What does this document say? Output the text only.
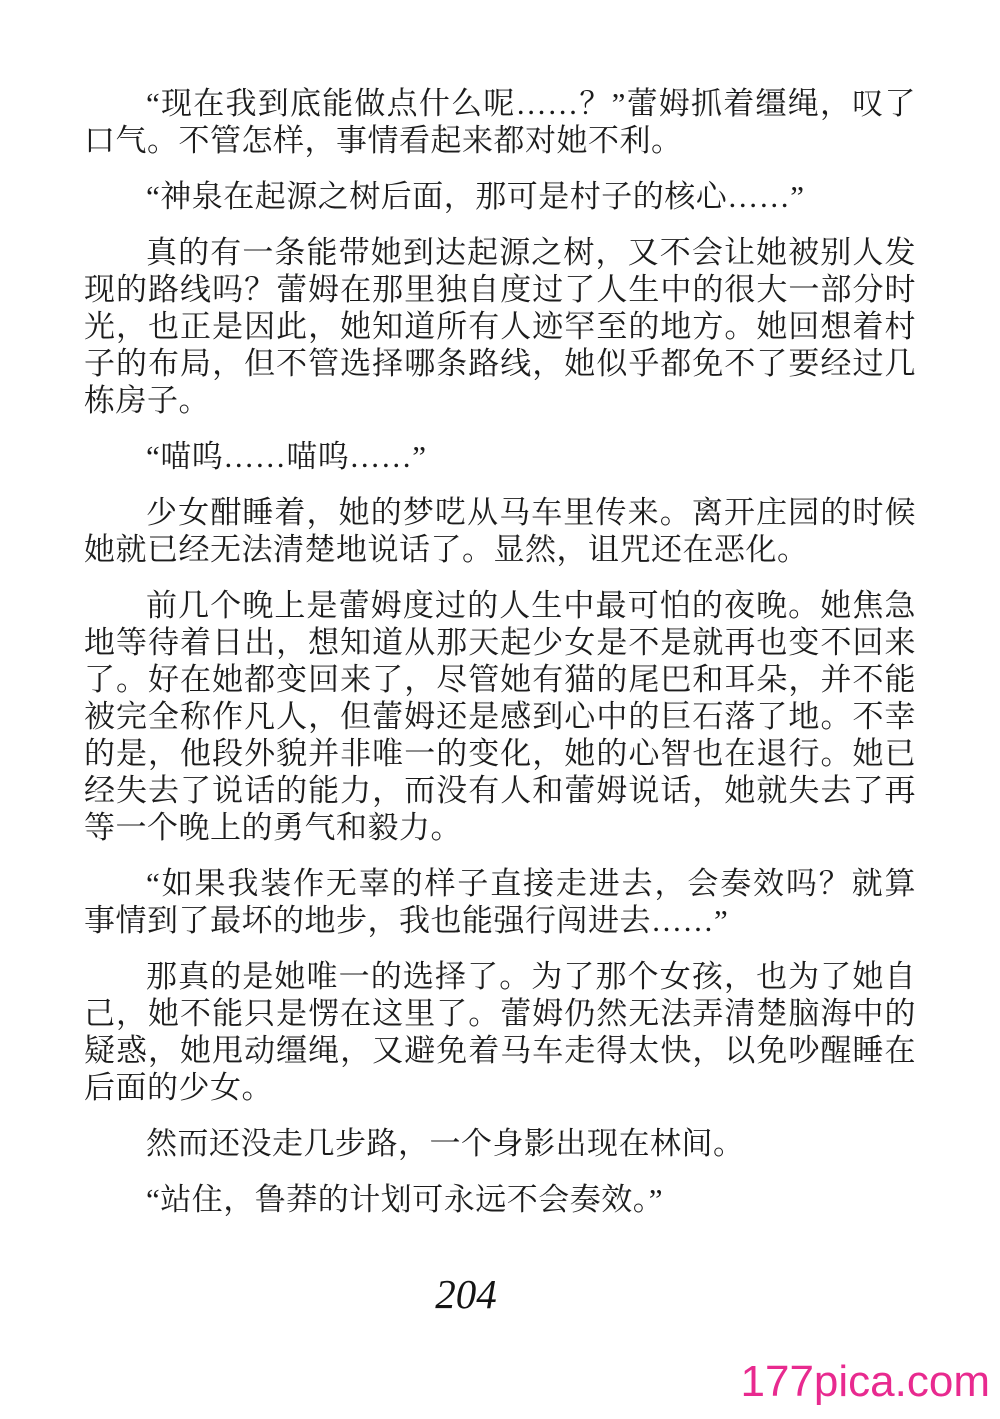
“现在我到底能做点什么呢……？”蕾姆抓着缰绳，叹了口气。不管怎样，事情看起来都对她不利。

“神泉在起源之树后面，那可是村子的核心……”

真的有一条能带她到达起源之树，又不会让她被别人发现的路线吗？蕾姆在那里独自度过了人生中的很大一部分时光，也正是因此，她知道所有人迹罕至的地方。她回想着村子的布局，但不管选择哪条路线，她似乎都免不了要经过几栋房子。

“喵呜……喵呜……”

少女酣睡着，她的梦呓从马车里传来。离开庄园的时候她就已经无法清楚地说话了。显然，诅咒还在恶化。

前几个晚上是蕾姆度过的人生中最可怕的夜晚。她焦急地等待着日出，想知道从那天起少女是不是就再也变不回来了。好在她都变回来了，尽管她有猫的尾巴和耳朵，并不能被完全称作凡人，但蕾姆还是感到心中的巨石落了地。不幸的是，他段外貌并非唯一的变化，她的心智也在退行。她已经失去了说话的能力，而没有人和蕾姆说话，她就失去了再等一个晚上的勇气和毅力。

“如果我装作无辜的样子直接走进去，会奏效吗？就算事情到了最坏的地步，我也能强行闯进去……”

那真的是她唯一的选择了。为了那个女孩，也为了她自己，她不能只是愣在这里了。蕾姆仍然无法弄清楚脑海中的疑惑，她甩动缰绳，又避免着马车走得太快，以免吵醒睡在后面的少女。

然而还没走几步路，一个身影出现在林间。

“站住，鲁莽的计划可永远不会奏效。”

204
177pica.com
